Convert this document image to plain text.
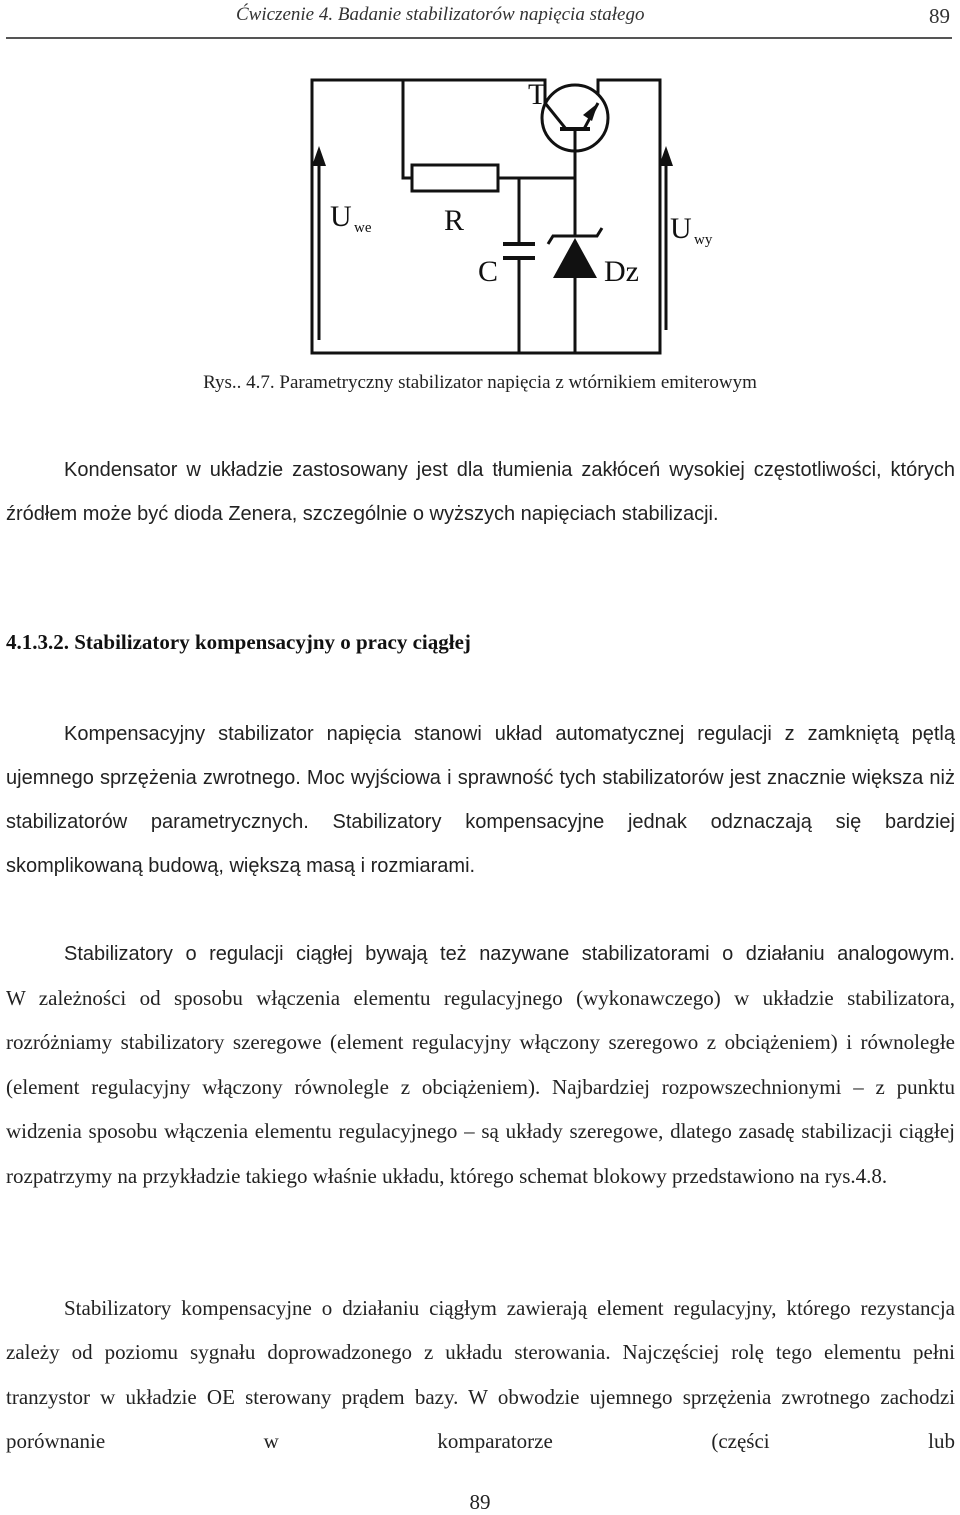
Ćwiczenie 4. Badanie stabilizatorów napięcia stałego	89
T
R
C	Dz
U we	U wy
Rys.. 4.7. Parametryczny stabilizator napięcia z wtórnikiem emiterowym

Kondensator w układzie zastosowany jest dla tłumienia zakłóceń wysokiej częstotliwości, których źródłem może być dioda Zenera, szczególnie o wyższych napięciach stabilizacji.

4.1.3.2. Stabilizatory kompensacyjny o pracy ciągłej

Kompensacyjny stabilizator napięcia stanowi układ automatycznej regulacji z zamkniętą pętlą ujemnego sprzężenia zwrotnego. Moc wyjściowa i sprawność tych stabilizatorów jest znacznie większa niż stabilizatorów parametrycznych. Stabilizatory kompensacyjne jednak odznaczają się bardziej skomplikowaną budową, większą masą i rozmiarami.

Stabilizatory o regulacji ciągłej bywają też nazywane stabilizatorami o działaniu analogowym.

W zależności od sposobu włączenia elementu regulacyjnego (wykonawczego) w układzie stabilizatora, rozróżniamy stabilizatory szeregowe (element regulacyjny włączony szeregowo z obciążeniem) i równoległe (element regulacyjny włączony równolegle z obciążeniem). Najbardziej rozpowszechnionymi – z punktu widzenia sposobu włączenia elementu regulacyjnego – są układy szeregowe, dlatego zasadę stabilizacji ciągłej rozpatrzymy na przykładzie takiego właśnie układu, którego schemat blokowy przedstawiono na rys.4.8.

Stabilizatory kompensacyjne o działaniu ciągłym zawierają element regulacyjny, którego rezystancja zależy od poziomu sygnału doprowadzonego z układu sterowania. Najczęściej rolę tego elementu pełni tranzystor w układzie OE sterowany prądem bazy. W obwodzie ujemnego sprzężenia zwrotnego zachodzi porównanie w komparatorze (części lub

89
